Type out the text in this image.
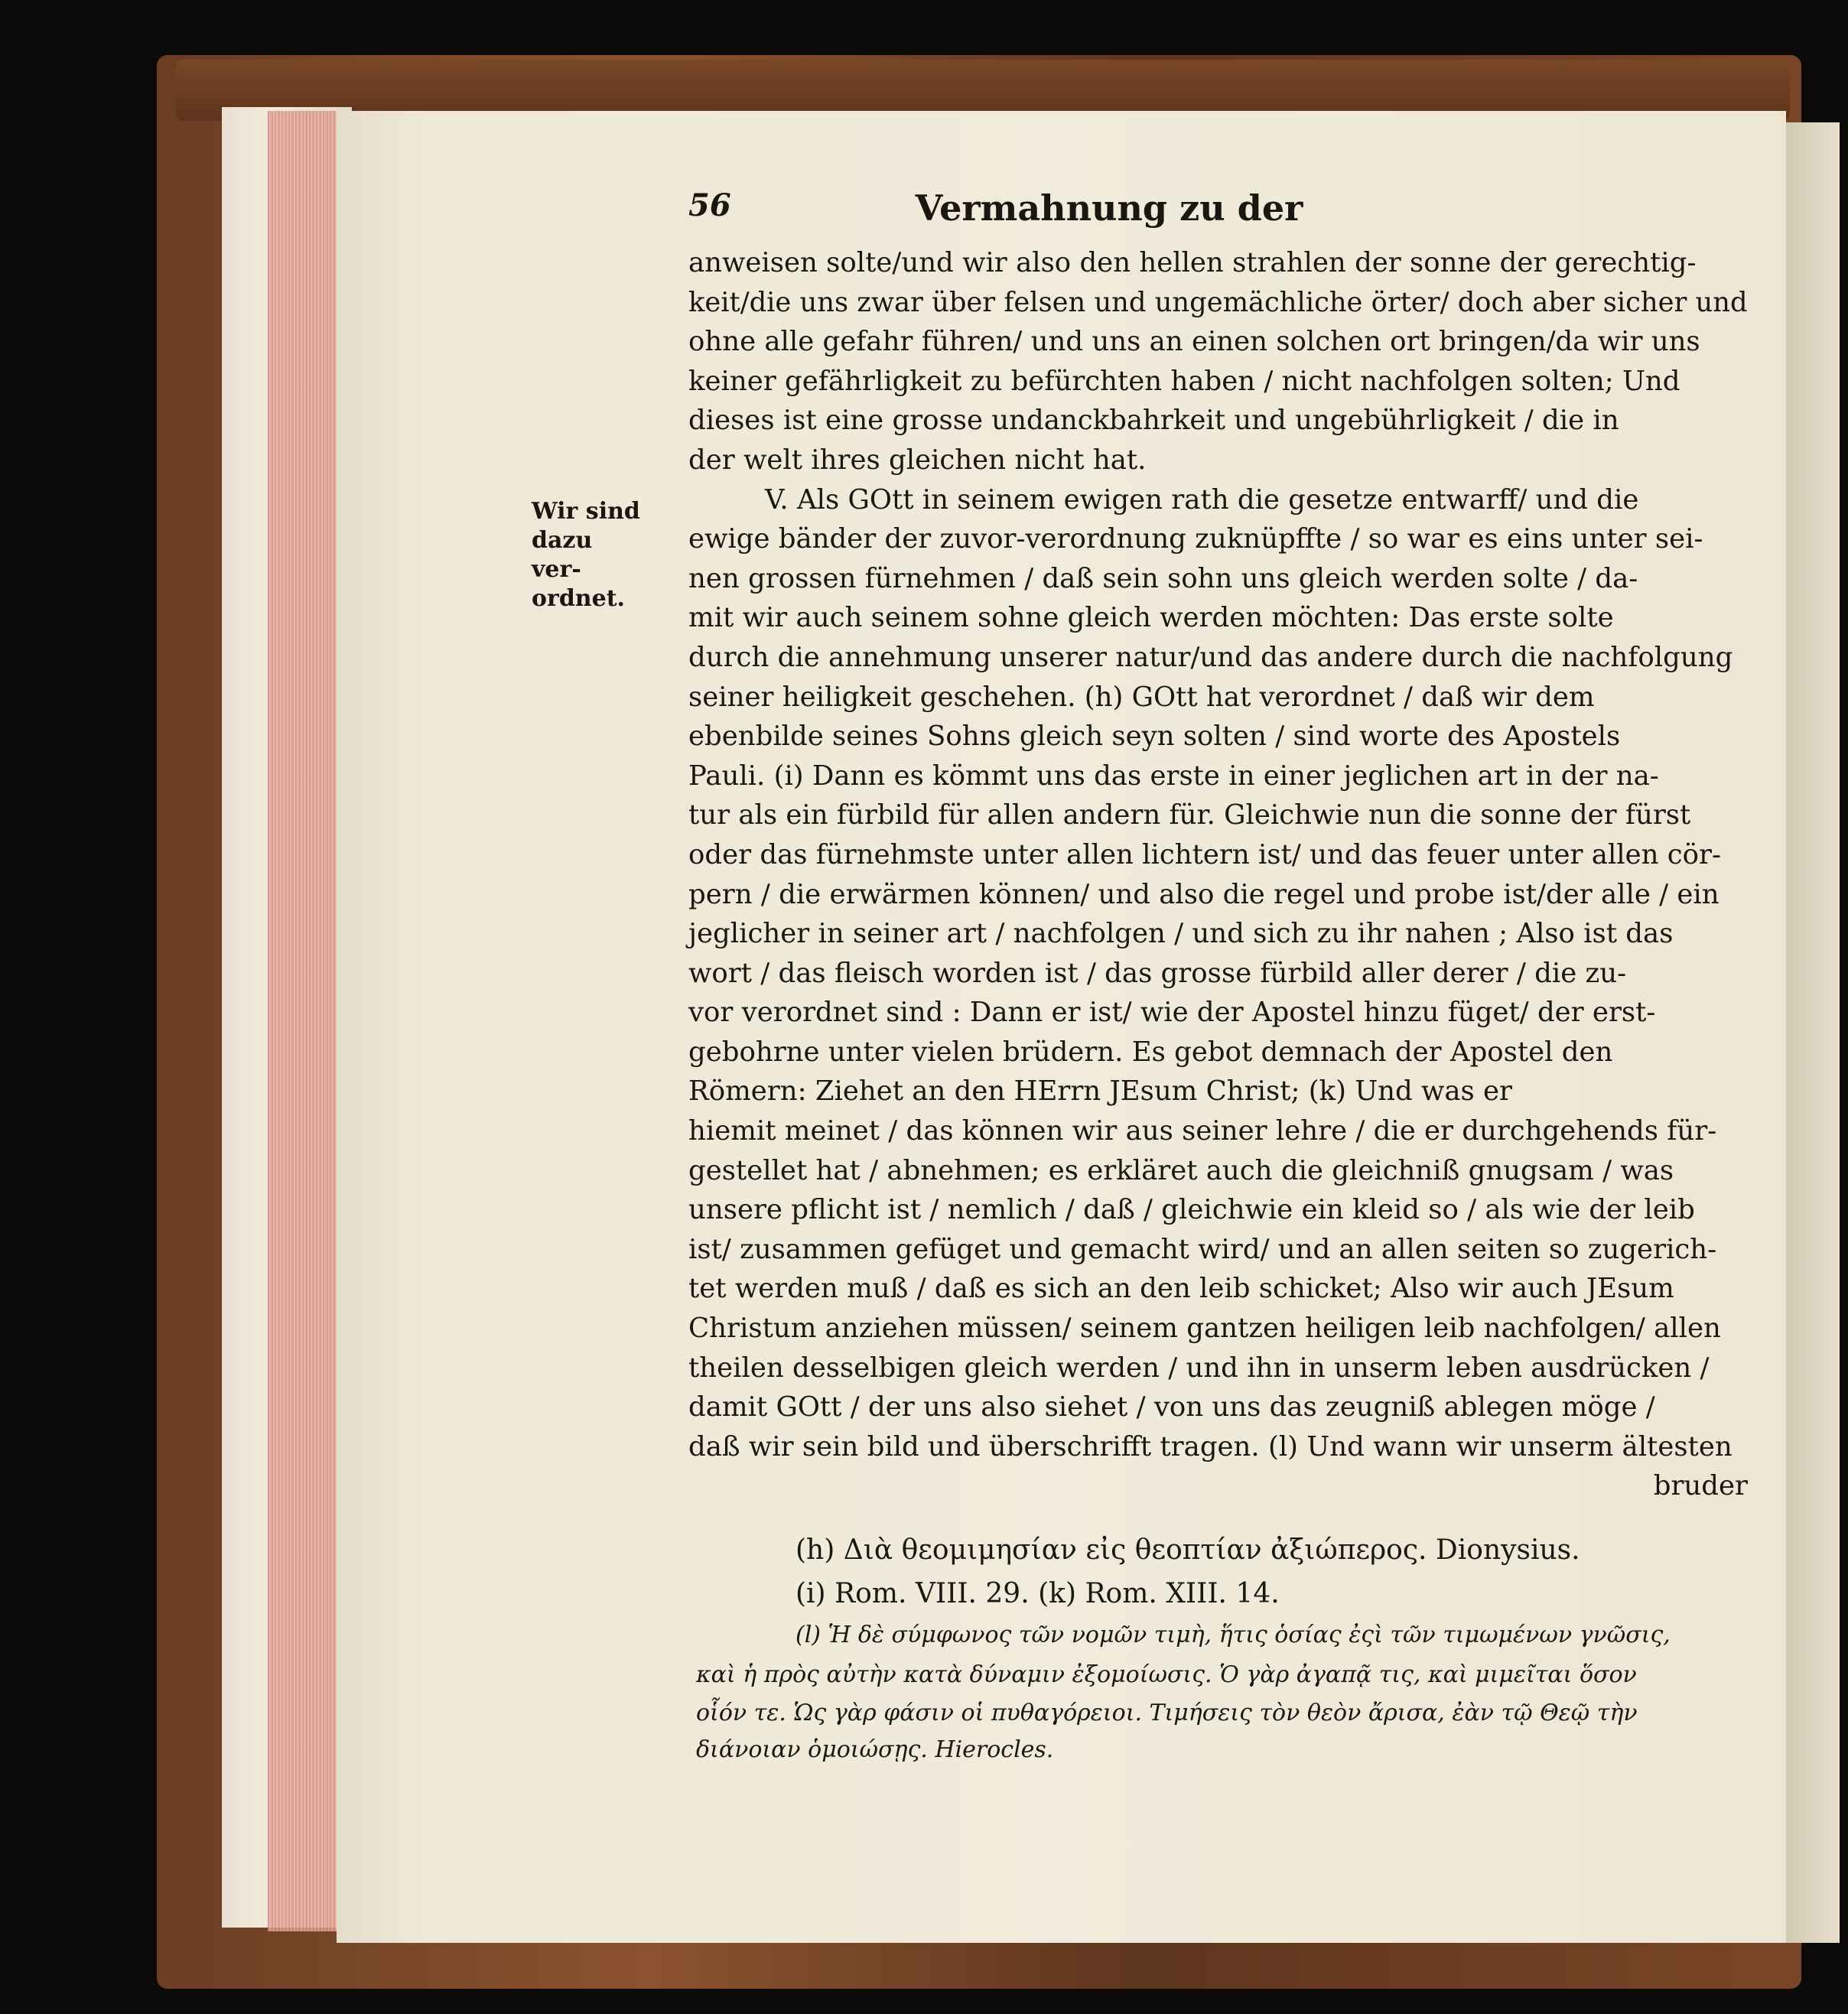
56	Vermahnung zu der
Wir sind
dazu ver-
ordnet.
anweisen solte/und wir also den hellen strahlen der sonne der gerechtig-
keit/die uns zwar über felsen und ungemächliche örter/ doch aber sicher und
ohne alle gefahr führen/ und uns an einen solchen ort bringen/da wir uns
keiner gefährligkeit zu befürchten haben / nicht nachfolgen solten; Und
dieses ist eine grosse undanckbahrkeit und ungebührligkeit / die in
der welt ihres gleichen nicht hat.
V. Als GOtt in seinem ewigen rath die gesetze entwarff/ und die
ewige bänder der zuvor-verordnung zuknüpffte / so war es eins unter sei-
nen grossen fürnehmen / daß sein sohn uns gleich werden solte / da-
mit wir auch seinem sohne gleich werden möchten: Das erste solte
durch die annehmung unserer natur/und das andere durch die nachfolgung
seiner heiligkeit geschehen. (h) GOtt hat verordnet / daß wir dem
ebenbilde seines Sohns gleich seyn solten / sind worte des Apostels
Pauli. (i) Dann es kömmt uns das erste in einer jeglichen art in der na-
tur als ein fürbild für allen andern für. Gleichwie nun die sonne der fürst
oder das fürnehmste unter allen lichtern ist/ und das feuer unter allen cör-
pern / die erwärmen können/ und also die regel und probe ist/der alle / ein
jeglicher in seiner art / nachfolgen / und sich zu ihr nahen ; Also ist das
wort / das fleisch worden ist / das grosse fürbild aller derer / die zu-
vor verordnet sind : Dann er ist/ wie der Apostel hinzu füget/ der erst-
gebohrne unter vielen brüdern. Es gebot demnach der Apostel den
Römern: Ziehet an den HErrn JEsum Christ; (k) Und was er
hiemit meinet / das können wir aus seiner lehre / die er durchgehends für-
gestellet hat / abnehmen; es erkläret auch die gleichniß gnugsam / was
unsere pflicht ist / nemlich / daß / gleichwie ein kleid so / als wie der leib
ist/ zusammen gefüget und gemacht wird/ und an allen seiten so zugerich-
tet werden muß / daß es sich an den leib schicket; Also wir auch JEsum
Christum anziehen müssen/ seinem gantzen heiligen leib nachfolgen/ allen
theilen desselbigen gleich werden / und ihn in unserm leben ausdrücken /
damit GOtt / der uns also siehet / von uns das zeugniß ablegen möge /
daß wir sein bild und überschrifft tragen. (l) Und wann wir unserm ältesten
bruder
(h) Διὰ θεομιμησίαν εἰς θεοπτίαν ἀξιώπερος. Dionysius.
(i) Rom. VIII. 29. (k) Rom. XIII. 14.
(l) Ἡ δὲ σύμφωνος τῶν νομῶν τιμὴ, ἥτις ὁσίας ἐςὶ τῶν τιμωμένων γνῶσις,
καὶ ἡ πρὸς αὐτὴν κατὰ δύναμιν ἐξομοίωσις. Ὁ γὰρ ἀγαπᾷ τις, καὶ μιμεῖται ὅσον
οἷόν τε. Ὡς γὰρ φάσιν οἱ πυθαγόρειοι. Τιμήσεις τὸν θεὸν ἄρισα, ἐὰν τῷ Θεῷ τὴν
διάνοιαν ὁμοιώσῃς. Hierocles.
